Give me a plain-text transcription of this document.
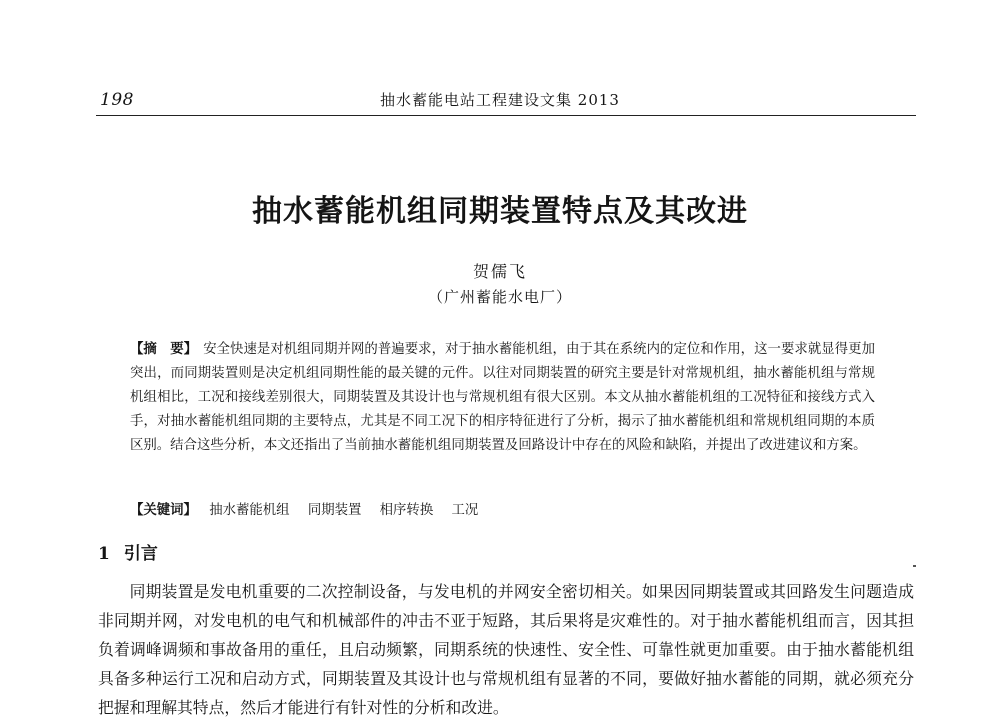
198	抽水蓄能电站工程建设文集 2013
抽水蓄能机组同期装置特点及其改进
贺儒飞
（广州蓄能水电厂）
【摘　要】 安全快速是对机组同期并网的普遍要求，对于抽水蓄能机组，由于其在系统内的定位和作用，这一要求就显得更加突出，而同期装置则是决定机组同期性能的最关键的元件。以往对同期装置的研究主要是针对常规机组，抽水蓄能机组与常规机组相比，工况和接线差别很大，同期装置及其设计也与常规机组有很大区别。本文从抽水蓄能机组的工况特征和接线方式入手，对抽水蓄能机组同期的主要特点，尤其是不同工况下的相序特征进行了分析，揭示了抽水蓄能机组和常规机组同期的本质区别。结合这些分析，本文还指出了当前抽水蓄能机组同期装置及回路设计中存在的风险和缺陷，并提出了改进建议和方案。
【关键词】 抽水蓄能机组 同期装置 相序转换 工况
1 引言

同期装置是发电机重要的二次控制设备，与发电机的并网安全密切相关。如果因同期装置或其回路发生问题造成非同期并网，对发电机的电气和机械部件的冲击不亚于短路，其后果将是灾难性的。对于抽水蓄能机组而言，因其担负着调峰调频和事故备用的重任，且启动频繁，同期系统的快速性、安全性、可靠性就更加重要。由于抽水蓄能机组具备多种运行工况和启动方式，同期装置及其设计也与常规机组有显著的不同，要做好抽水蓄能的同期，就必须充分把握和理解其特点，然后才能进行有针对性的分析和改进。
